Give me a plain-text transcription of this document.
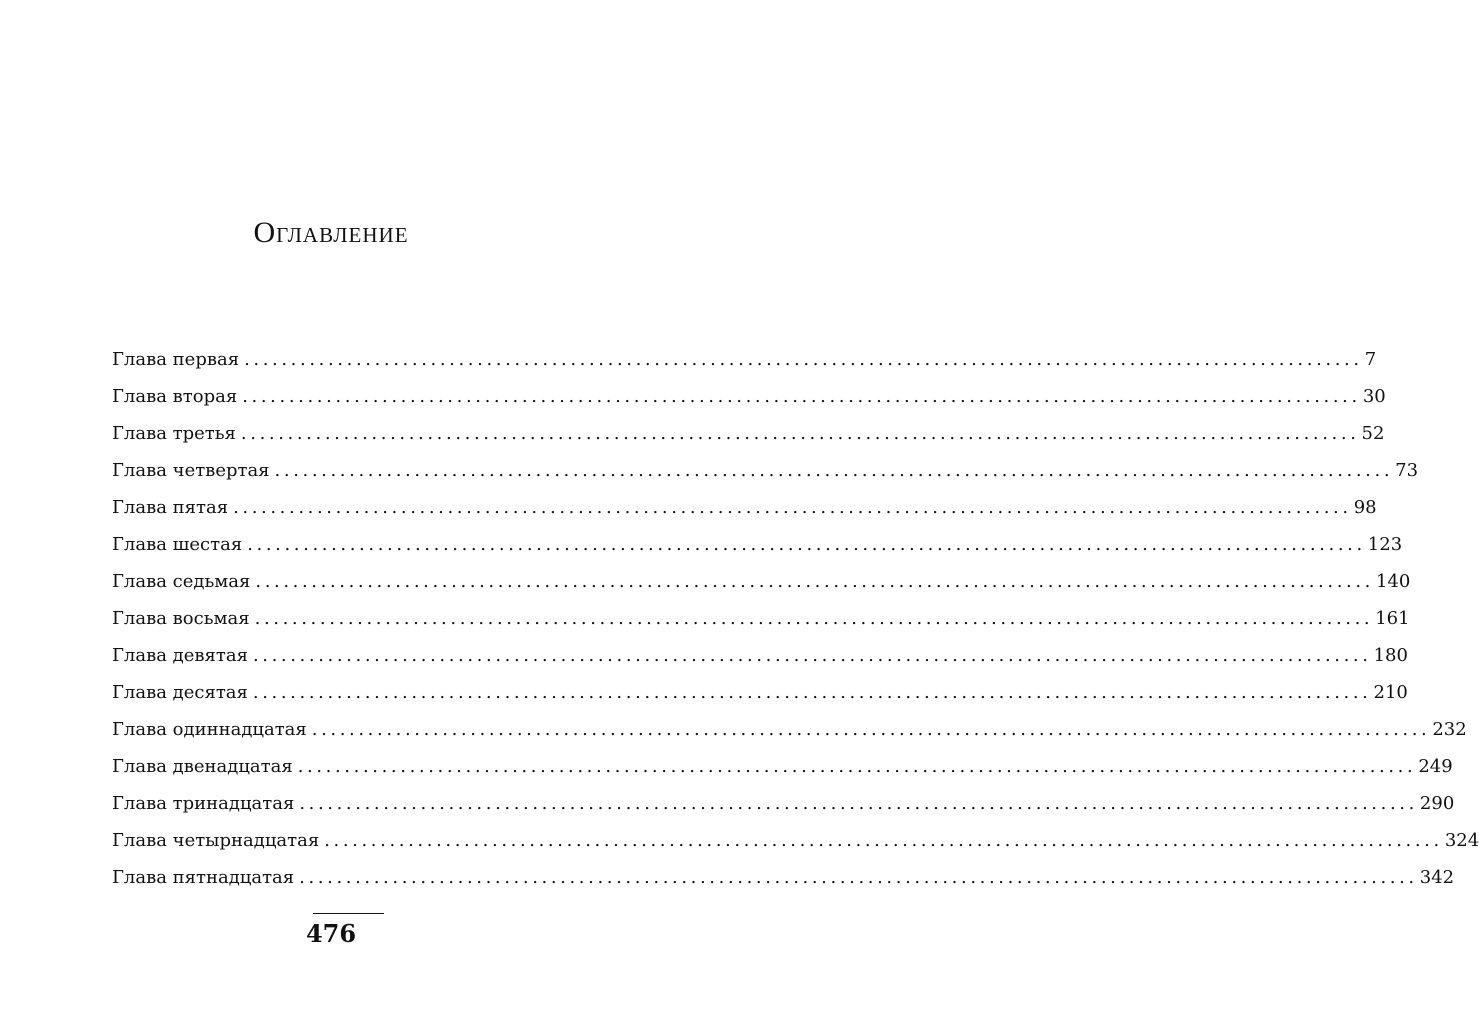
Оглавление
Глава первая ........................................................................................................................ 7
Глава вторая ........................................................................................................................ 30
Глава третья ........................................................................................................................ 52
Глава четвертая ........................................................................................................................ 73
Глава пятая ........................................................................................................................ 98
Глава шестая ........................................................................................................................ 123
Глава седьмая ........................................................................................................................ 140
Глава восьмая ........................................................................................................................ 161
Глава девятая ........................................................................................................................ 180
Глава десятая ........................................................................................................................ 210
Глава одиннадцатая ........................................................................................................................ 232
Глава двенадцатая ........................................................................................................................ 249
Глава тринадцатая ........................................................................................................................ 290
Глава четырнадцатая ........................................................................................................................ 324
Глава пятнадцатая ........................................................................................................................ 342
476
